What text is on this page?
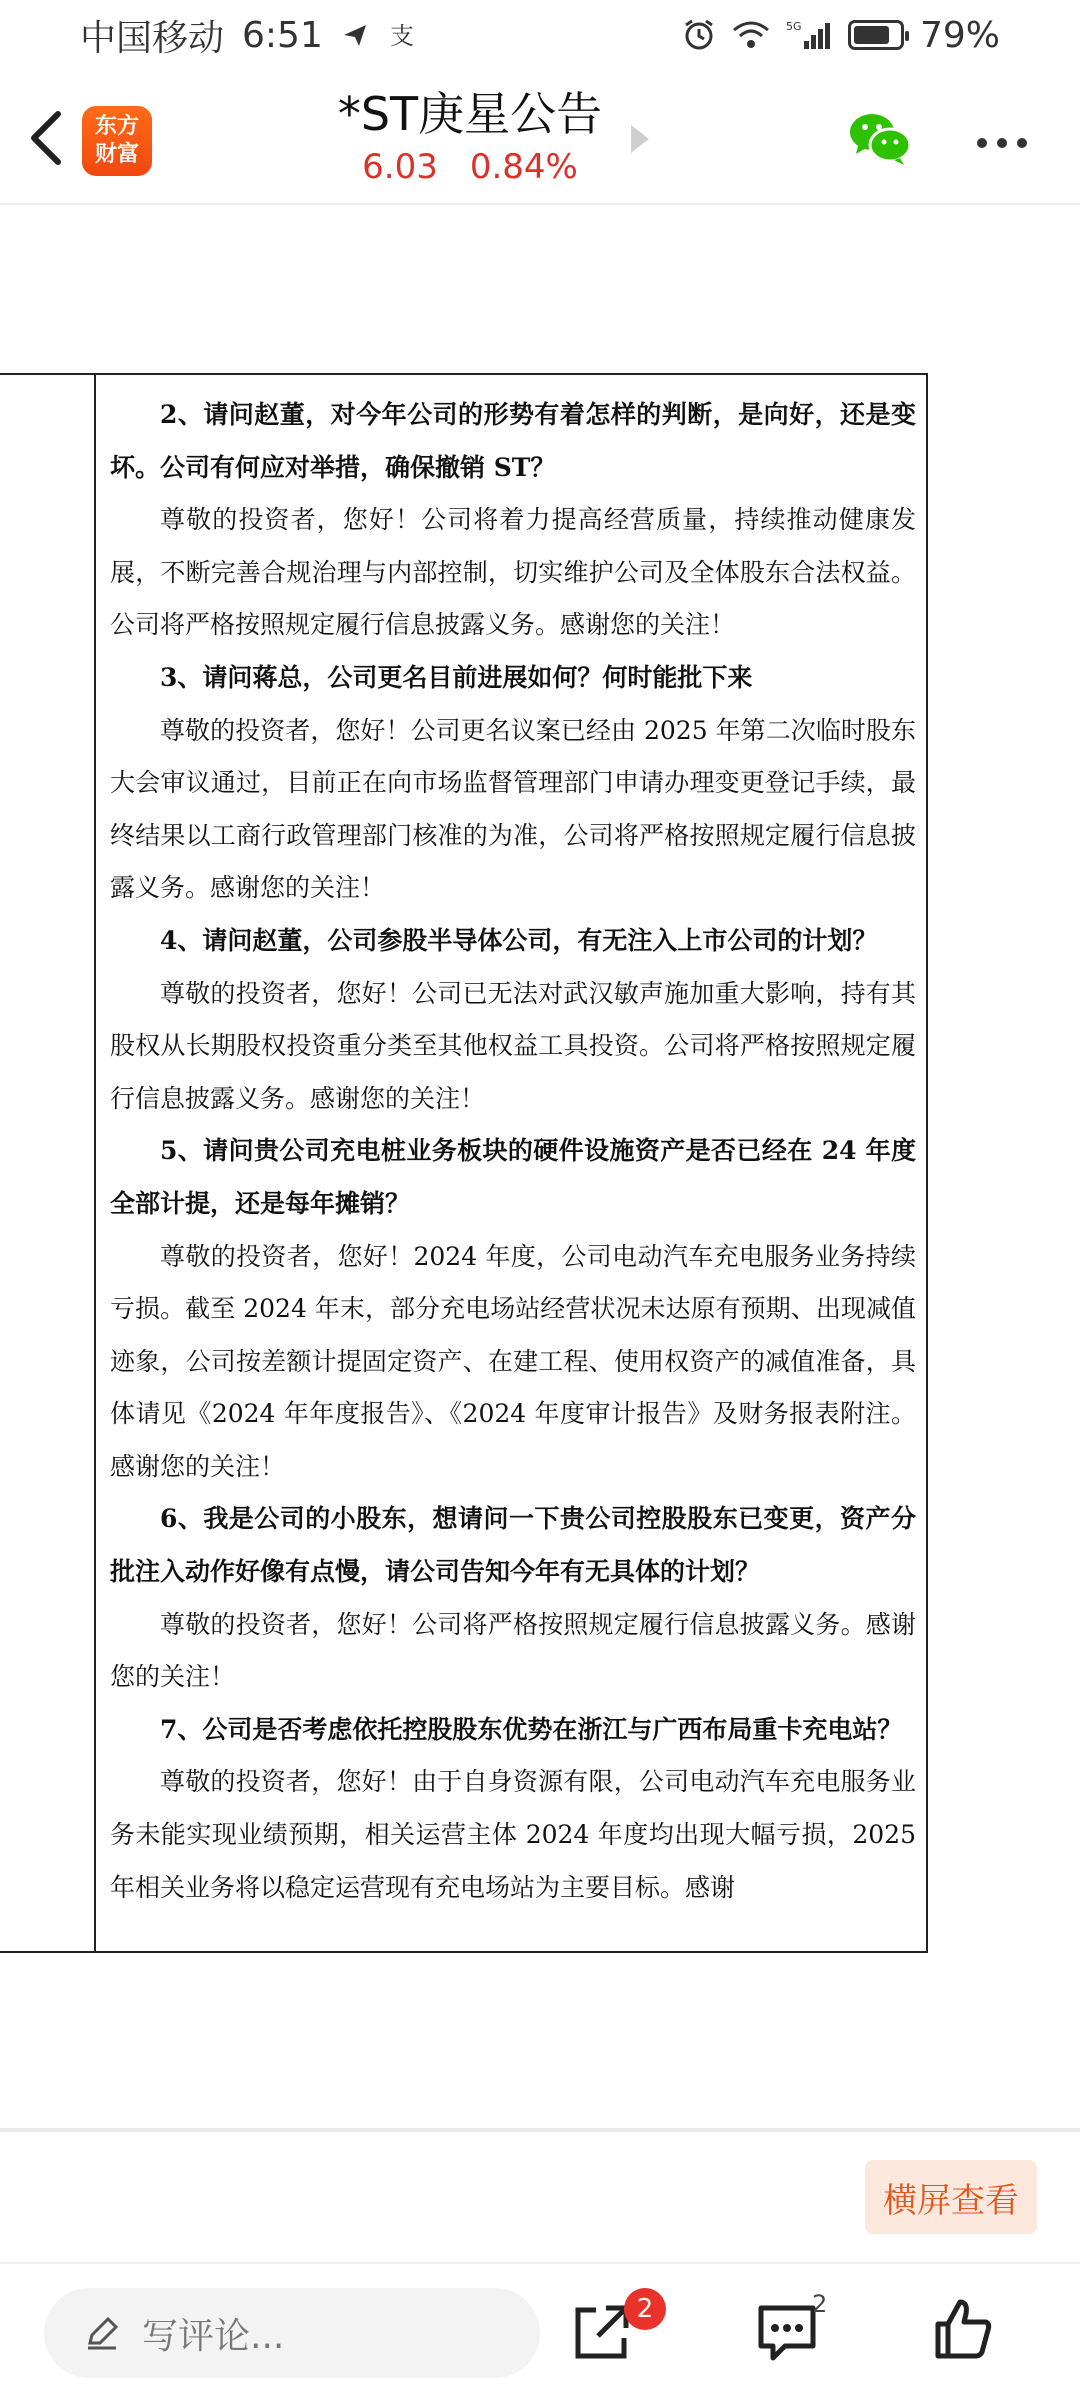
中国移动 6:51	支	5G	79%
东方
财富
*ST庚星公告
6.03 0.84%

2、请问赵董，对今年公司的形势有着怎样的判断，是向好，还是变坏。公司有何应对举措，确保撤销 ST？

尊敬的投资者，您好！公司将着力提高经营质量，持续推动健康发展，不断完善合规治理与内部控制，切实维护公司及全体股东合法权益。公司将严格按照规定履行信息披露义务。感谢您的关注！

3、请问蒋总，公司更名目前进展如何？何时能批下来

尊敬的投资者，您好！公司更名议案已经由 2025 年第二次临时股东大会审议通过，目前正在向市场监督管理部门申请办理变更登记手续，最终结果以工商行政管理部门核准的为准，公司将严格按照规定履行信息披露义务。感谢您的关注！

4、请问赵董，公司参股半导体公司，有无注入上市公司的计划？

尊敬的投资者，您好！公司已无法对武汉敏声施加重大影响，持有其股权从长期股权投资重分类至其他权益工具投资。公司将严格按照规定履行信息披露义务。感谢您的关注！

5、请问贵公司充电桩业务板块的硬件设施资产是否已经在 24 年度全部计提，还是每年摊销？

尊敬的投资者，您好！2024 年度，公司电动汽车充电服务业务持续亏损。截至 2024 年末，部分充电场站经营状况未达原有预期、出现减值迹象，公司按差额计提固定资产、在建工程、使用权资产的减值准备，具体请见《2024 年年度报告》、《2024 年度审计报告》及财务报表附注。感谢您的关注！

6、我是公司的小股东，想请问一下贵公司控股股东已变更，资产分批注入动作好像有点慢，请公司告知今年有无具体的计划？

尊敬的投资者，您好！公司将严格按照规定履行信息披露义务。感谢您的关注！

7、公司是否考虑依托控股股东优势在浙江与广西布局重卡充电站？

尊敬的投资者，您好！由于自身资源有限，公司电动汽车充电服务业务未能实现业绩预期，相关运营主体 2024 年度均出现大幅亏损，2025 年相关业务将以稳定运营现有充电场站为主要目标。感谢

横屏查看
写评论...
2	2
